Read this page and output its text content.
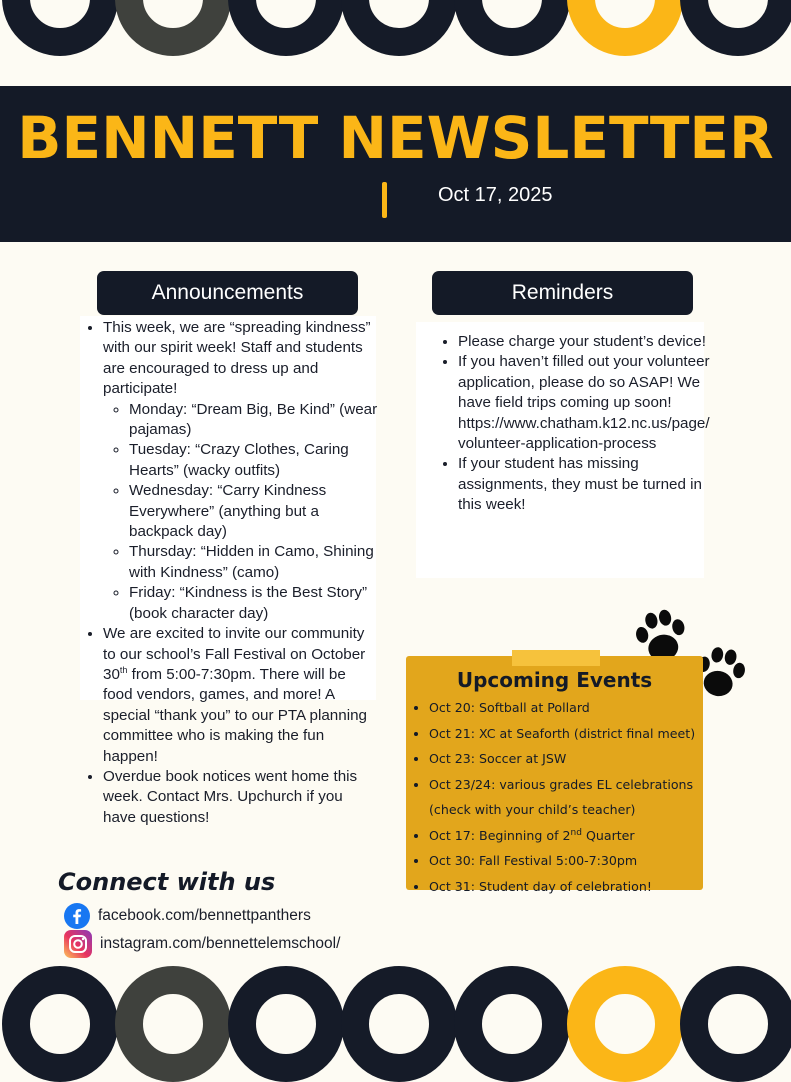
BENNETT NEWSLETTER
Oct 17, 2025
Announcements
• This week, we are “spreading kindness” with our spirit week! Staff and students are encouraged to dress up and participate!
◦ Monday: “Dream Big, Be Kind” (wear pajamas)
◦ Tuesday: “Crazy Clothes, Caring Hearts” (wacky outfits)
◦ Wednesday: “Carry Kindness Everywhere” (anything but a backpack day)
◦ Thursday: “Hidden in Camo, Shining with Kindness” (camo)
◦ Friday: “Kindness is the Best Story” (book character day)
• We are excited to invite our community to our school’s Fall Festival on October 30th from 5:00-7:30pm. There will be food vendors, games, and more! A special “thank you” to our PTA planning committee who is making the fun happen!
• Overdue book notices went home this week. Contact Mrs. Upchurch if you have questions!
Reminders
• Please charge your student’s device!
• If you haven’t filled out your volunteer application, please do so ASAP! We have field trips coming up soon! https://www.chatham.k12.nc.us/page/volunteer-application-process
• If your student has missing assignments, they must be turned in this week!
Upcoming Events
• Oct 20: Softball at Pollard
• Oct 21: XC at Seaforth (district final meet)
• Oct 23: Soccer at JSW
• Oct 23/24: various grades EL celebrations (check with your child’s teacher)
• Oct 17: Beginning of 2nd Quarter
• Oct 30: Fall Festival 5:00-7:30pm
• Oct 31: Student day of celebration!
Connect with us
facebook.com/bennettpanthers
instagram.com/bennettelemschool/
